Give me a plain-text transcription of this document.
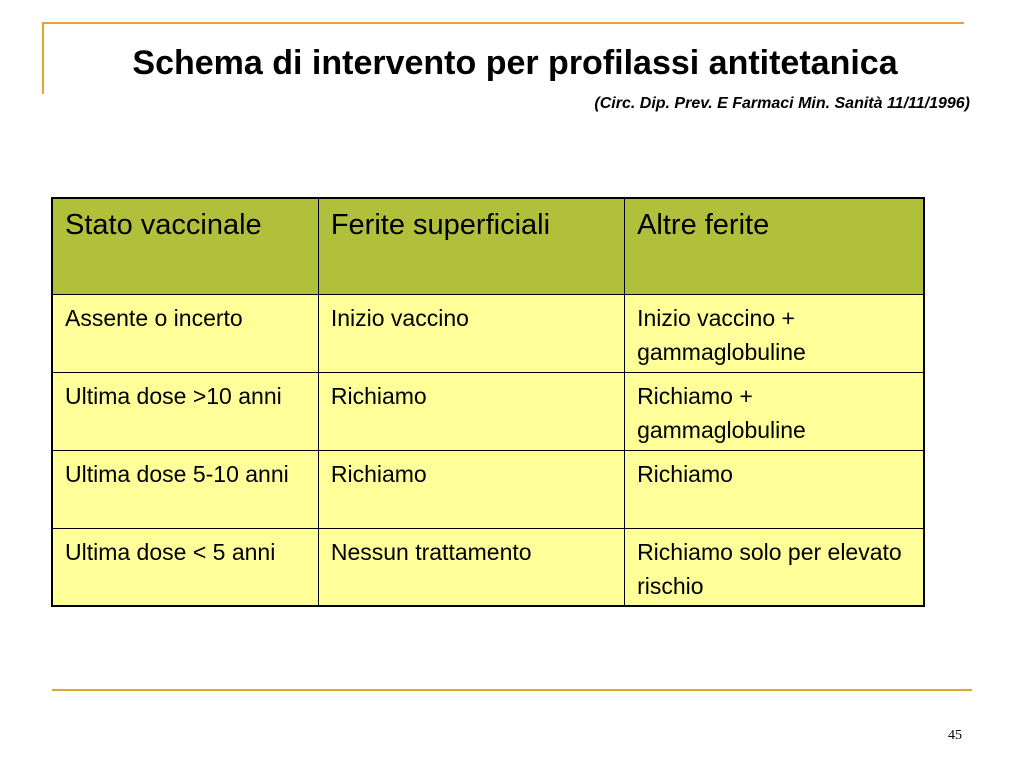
Schema di intervento per profilassi antitetanica
(Circ. Dip. Prev. E Farmaci Min. Sanità 11/11/1996)
Stato vaccinale	Ferite superficiali	Altre ferite
Assente o incerto	Inizio vaccino	Inizio vaccino + gammaglobuline
Ultima dose >10 anni	Richiamo	Richiamo + gammaglobuline
Ultima dose 5-10 anni	Richiamo	Richiamo
Ultima dose < 5 anni	Nessun trattamento	Richiamo solo per elevato rischio
45
